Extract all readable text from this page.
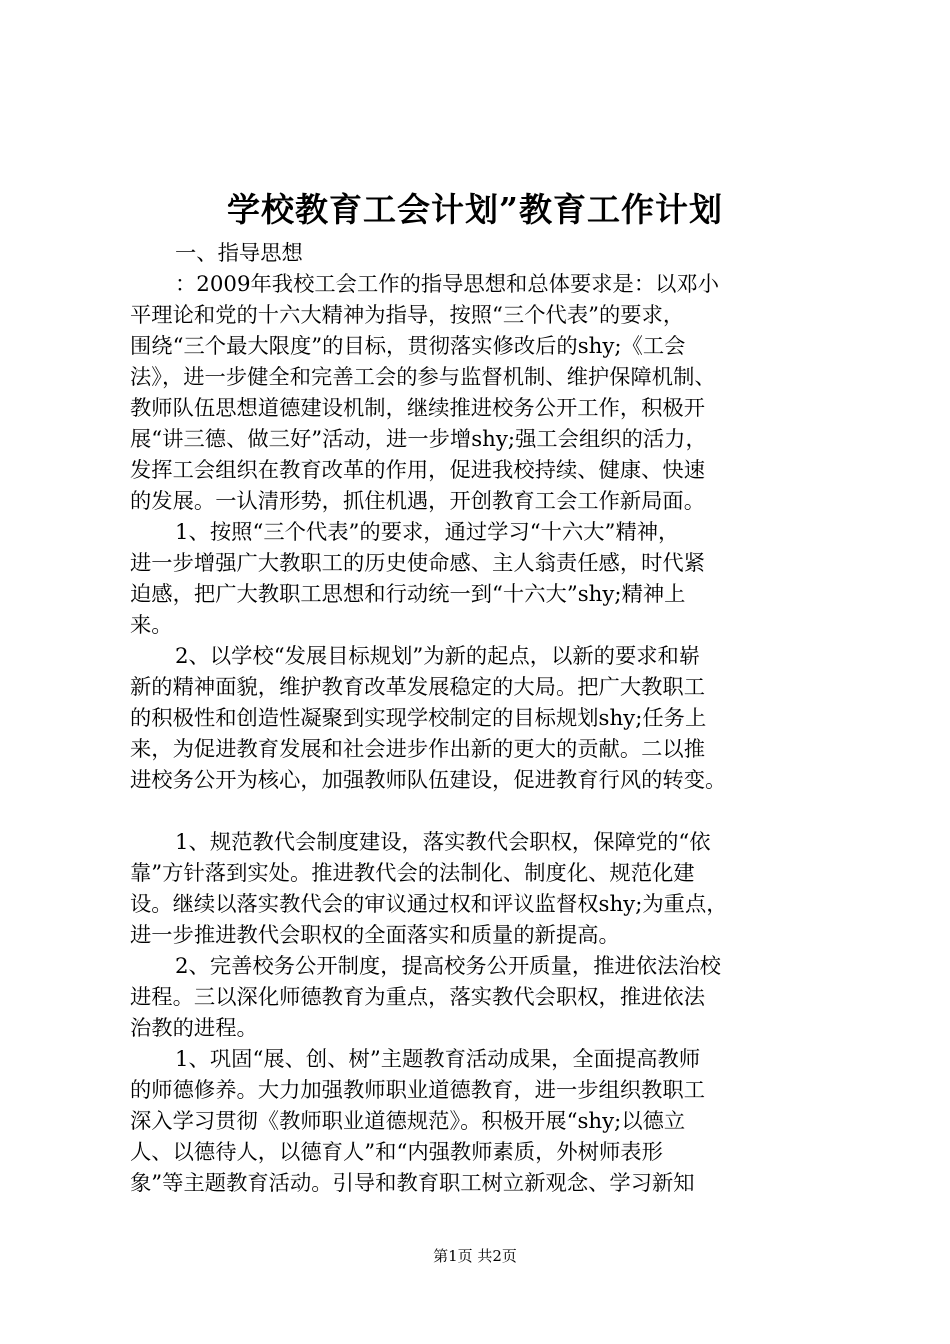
学校教育工会计划”教育工作计划
一、指导思想
：2009年我校工会工作的指导思想和总体要求是：以邓小
平理论和党的十六大精神为指导，按照“三个代表”的要求，
围绕“三个最大限度”的目标，贯彻落实修改后的shy;《工会
法》，进一步健全和完善工会的参与监督机制、维护保障机制、
教师队伍思想道德建设机制，继续推进校务公开工作，积极开
展“讲三德、做三好”活动，进一步增shy;强工会组织的活力，
发挥工会组织在教育改革的作用，促进我校持续、健康、快速
的发展。一认清形势，抓住机遇，开创教育工会工作新局面。
1、按照“三个代表”的要求，通过学习“十六大”精神，
进一步增强广大教职工的历史使命感、主人翁责任感，时代紧
迫感，把广大教职工思想和行动统一到“十六大”shy;精神上
来。
2、以学校“发展目标规划”为新的起点，以新的要求和崭
新的精神面貌，维护教育改革发展稳定的大局。把广大教职工
的积极性和创造性凝聚到实现学校制定的目标规划shy;任务上
来，为促进教育发展和社会进步作出新的更大的贡献。二以推
进校务公开为核心，加强教师队伍建设，促进教育行风的转变。
1、规范教代会制度建设，落实教代会职权，保障党的“依
靠”方针落到实处。推进教代会的法制化、制度化、规范化建
设。继续以落实教代会的审议通过权和评议监督权shy;为重点，
进一步推进教代会职权的全面落实和质量的新提高。
2、完善校务公开制度，提高校务公开质量，推进依法治校
进程。三以深化师德教育为重点，落实教代会职权，推进依法
治教的进程。
1、巩固“展、创、树”主题教育活动成果，全面提高教师
的师德修养。大力加强教师职业道德教育，进一步组织教职工
深入学习贯彻《教师职业道德规范》。积极开展“shy;以德立
人、以德待人，以德育人”和“内强教师素质，外树师表形
象”等主题教育活动。引导和教育职工树立新观念、学习新知
第1页 共2页
